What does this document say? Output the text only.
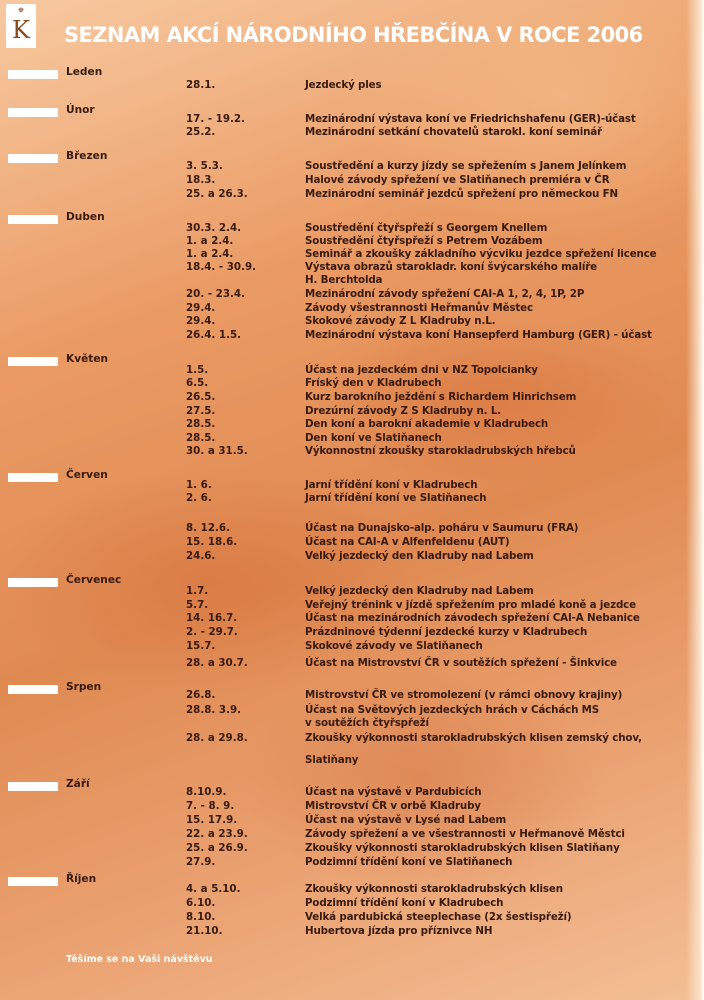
♚
K SEZNAM AKCÍ NÁRODNÍHO HŘEBČÍNA V ROCE 2006
Leden
28.1.	Jezdecký ples
Únor
17. - 19.2.	Mezinárodní výstava koní ve Friedrichshafenu (GER)-účast
25.2.	Mezinárodní setkání chovatelů starokl. koní seminář
Březen
3. 5.3.	Soustředění a kurzy jízdy se spřežením s Janem Jelínkem
18.3.	Halové závody spřežení ve Slatiňanech premiéra v ČR
25. a 26.3.	Mezinárodní seminář jezdců spřežení pro německou FN
Duben
30.3. 2.4.	Soustředění čtyřspřeží s Georgem Knellem
1. a 2.4.	Soustředění čtyřspřeží s Petrem Vozábem
1. a 2.4.	Seminář a zkoušky základního výcviku jezdce spřežení licence
18.4. - 30.9.	Výstava obrazů starokladr. koní švýcarského malíře
H. Berchtolda
20. - 23.4.	Mezinárodní závody spřežení CAI-A 1, 2, 4, 1P, 2P
29.4.	Závody všestrannosti Heřmanův Městec
29.4.	Skokové závody Z L Kladruby n.L.
26.4. 1.5.	Mezinárodní výstava koní Hansepferd Hamburg (GER) - účast
Květen
1.5.	Účast na jezdeckém dni v NZ Topolcianky
6.5.	Fríský den v Kladrubech
26.5.	Kurz barokního ježdění s Richardem Hinrichsem
27.5.	Drezúrní závody Z S Kladruby n. L.
28.5.	Den koní a barokní akademie v Kladrubech
28.5.	Den koní ve Slatiňanech
30. a 31.5.	Výkonnostní zkoušky starokladrubských hřebců
Červen
1. 6.	Jarní třídění koní v Kladrubech
2. 6.	Jarní třídění koní ve Slatiňanech
8. 12.6.	Účast na Dunajsko-alp. poháru v Saumuru (FRA)
15. 18.6.	Účast na CAI-A v Alfenfeldenu (AUT)
24.6.	Velký jezdecký den Kladruby nad Labem
Červenec
1.7.	Velký jezdecký den Kladruby nad Labem
5.7.	Veřejný trénink v jízdě spřežením pro mladé koně a jezdce
14. 16.7.	Účast na mezinárodních závodech spřežení CAI-A Nebanice
2. - 29.7.	Prázdninové týdenní jezdecké kurzy v Kladrubech
15.7.	Skokové závody ve Slatiňanech
28. a 30.7.	Účast na Mistrovství ČR v soutěžích spřežení - Šinkvice
Srpen
26.8.	Mistrovství ČR ve stromolezení (v rámci obnovy krajiny)
28.8. 3.9.	Účast na Světových jezdeckých hrách v Cáchách MS
v soutěžích čtyřspřeží
28. a 29.8.	Zkoušky výkonnosti starokladrubských klisen zemský chov,
Slatiňany
Září
8.10.9.	Účast na výstavě v Pardubicích
7. - 8. 9.	Mistrovství ČR v orbě Kladruby
15. 17.9.	Účast na výstavě v Lysé nad Labem
22. a 23.9.	Závody spřežení a ve všestrannosti v Heřmanově Městci
25. a 26.9.	Zkoušky výkonnosti starokladrubských klisen Slatiňany
27.9.	Podzimní třídění koní ve Slatiňanech
Říjen
4. a 5.10.	Zkoušky výkonnosti starokladrubských klisen
6.10.	Podzimní třídění koní v Kladrubech
8.10.	Velká pardubická steeplechase (2x šestispřeží)
21.10.	Hubertova jízda pro příznivce NH
Těšíme se na Vaši návštěvu
